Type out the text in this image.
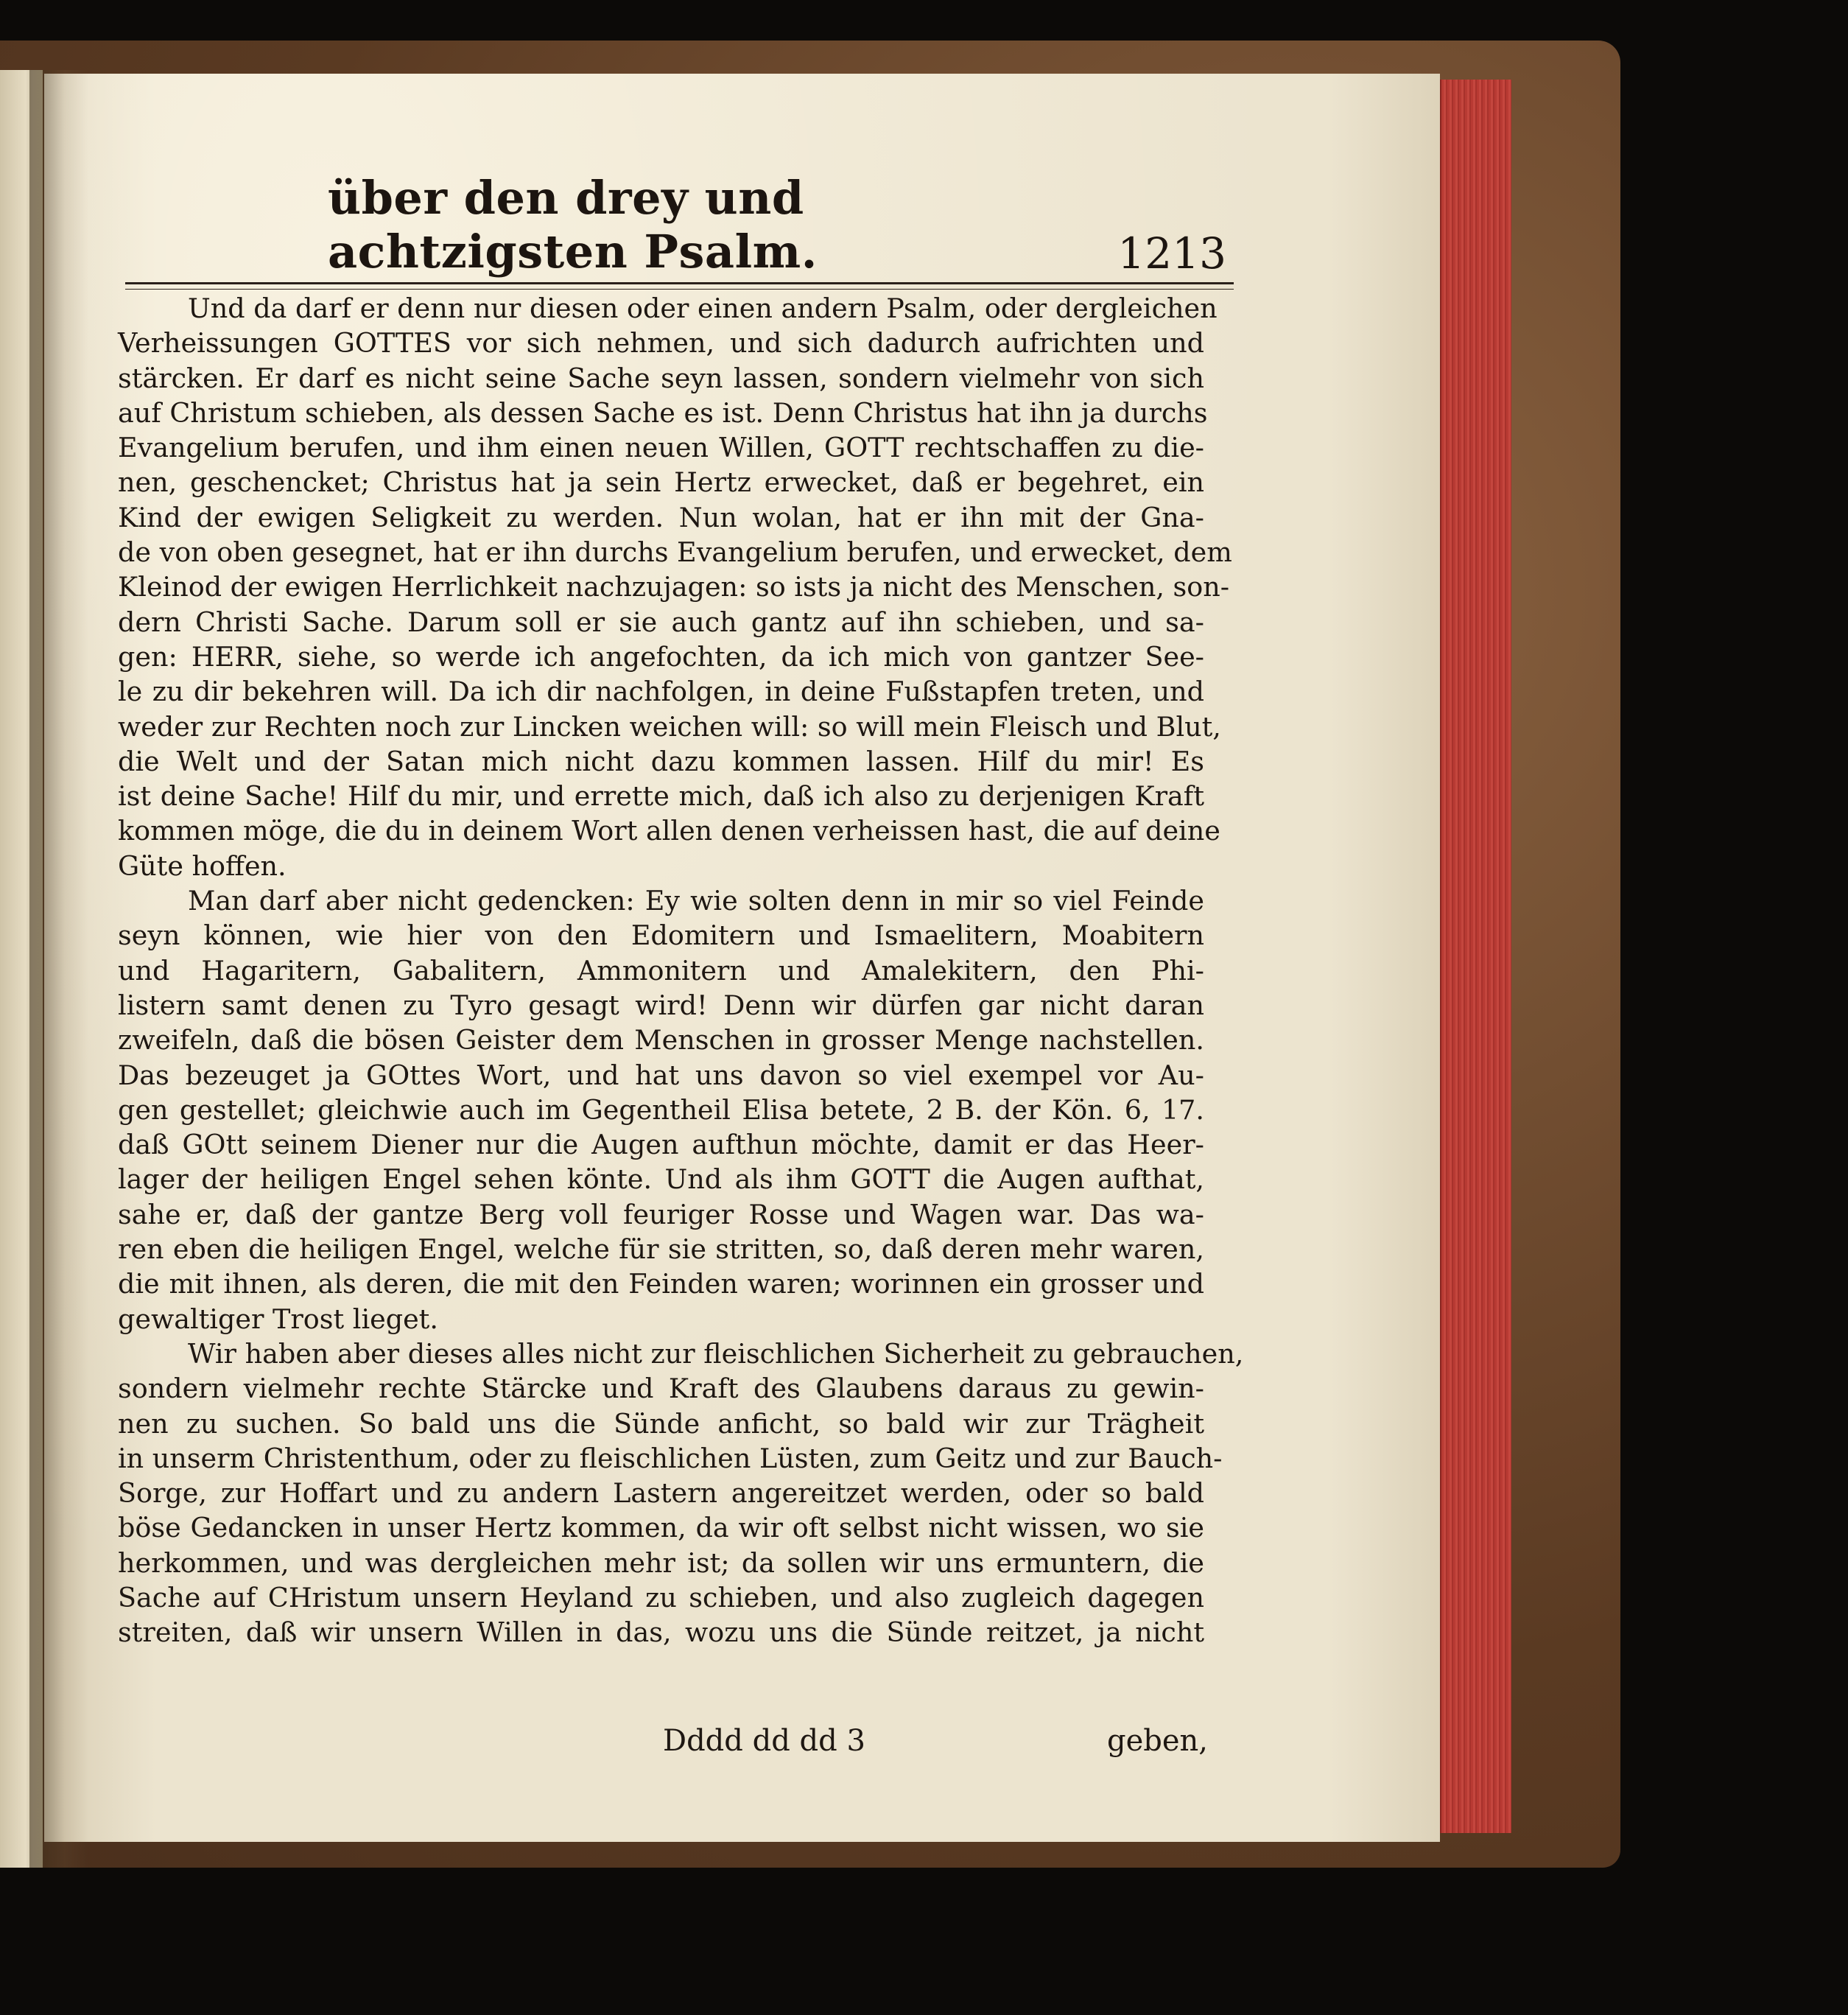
über den drey und achtzigsten Psalm.	1213
Und da darf er denn nur diesen oder einen andern Psalm, oder dergleichen
Verheissungen GOTTES vor sich nehmen, und sich dadurch aufrichten und
stärcken. Er darf es nicht seine Sache seyn lassen, sondern vielmehr von sich
auf Christum schieben, als dessen Sache es ist. Denn Christus hat ihn ja durchs
Evangelium berufen, und ihm einen neuen Willen, GOTT rechtschaffen zu die-
nen, geschencket; Christus hat ja sein Hertz erwecket, daß er begehret, ein
Kind der ewigen Seligkeit zu werden. Nun wolan, hat er ihn mit der Gna-
de von oben gesegnet, hat er ihn durchs Evangelium berufen, und erwecket, dem
Kleinod der ewigen Herrlichkeit nachzujagen: so ists ja nicht des Menschen, son-
dern Christi Sache. Darum soll er sie auch gantz auf ihn schieben, und sa-
gen: HERR, siehe, so werde ich angefochten, da ich mich von gantzer See-
le zu dir bekehren will. Da ich dir nachfolgen, in deine Fußstapfen treten, und
weder zur Rechten noch zur Lincken weichen will: so will mein Fleisch und Blut,
die Welt und der Satan mich nicht dazu kommen lassen. Hilf du mir! Es
ist deine Sache! Hilf du mir, und errette mich, daß ich also zu derjenigen Kraft
kommen möge, die du in deinem Wort allen denen verheissen hast, die auf deine
Güte hoffen.
Man darf aber nicht gedencken: Ey wie solten denn in mir so viel Feinde
seyn können, wie hier von den Edomitern und Ismaelitern, Moabitern
und Hagaritern, Gabalitern, Ammonitern und Amalekitern, den Phi-
listern samt denen zu Tyro gesagt wird! Denn wir dürfen gar nicht daran
zweifeln, daß die bösen Geister dem Menschen in grosser Menge nachstellen.
Das bezeuget ja GOttes Wort, und hat uns davon so viel exempel vor Au-
gen gestellet; gleichwie auch im Gegentheil Elisa betete, 2 B. der Kön. 6, 17.
daß GOtt seinem Diener nur die Augen aufthun möchte, damit er das Heer-
lager der heiligen Engel sehen könte. Und als ihm GOTT die Augen aufthat,
sahe er, daß der gantze Berg voll feuriger Rosse und Wagen war. Das wa-
ren eben die heiligen Engel, welche für sie stritten, so, daß deren mehr waren,
die mit ihnen, als deren, die mit den Feinden waren; worinnen ein grosser und
gewaltiger Trost lieget.
Wir haben aber dieses alles nicht zur fleischlichen Sicherheit zu gebrauchen,
sondern vielmehr rechte Stärcke und Kraft des Glaubens daraus zu gewin-
nen zu suchen. So bald uns die Sünde anficht, so bald wir zur Trägheit
in unserm Christenthum, oder zu fleischlichen Lüsten, zum Geitz und zur Bauch-
Sorge, zur Hoffart und zu andern Lastern angereitzet werden, oder so bald
böse Gedancken in unser Hertz kommen, da wir oft selbst nicht wissen, wo sie
herkommen, und was dergleichen mehr ist; da sollen wir uns ermuntern, die
Sache auf CHristum unsern Heyland zu schieben, und also zugleich dagegen
streiten, daß wir unsern Willen in das, wozu uns die Sünde reitzet, ja nicht
Dddd dd dd 3	geben,
